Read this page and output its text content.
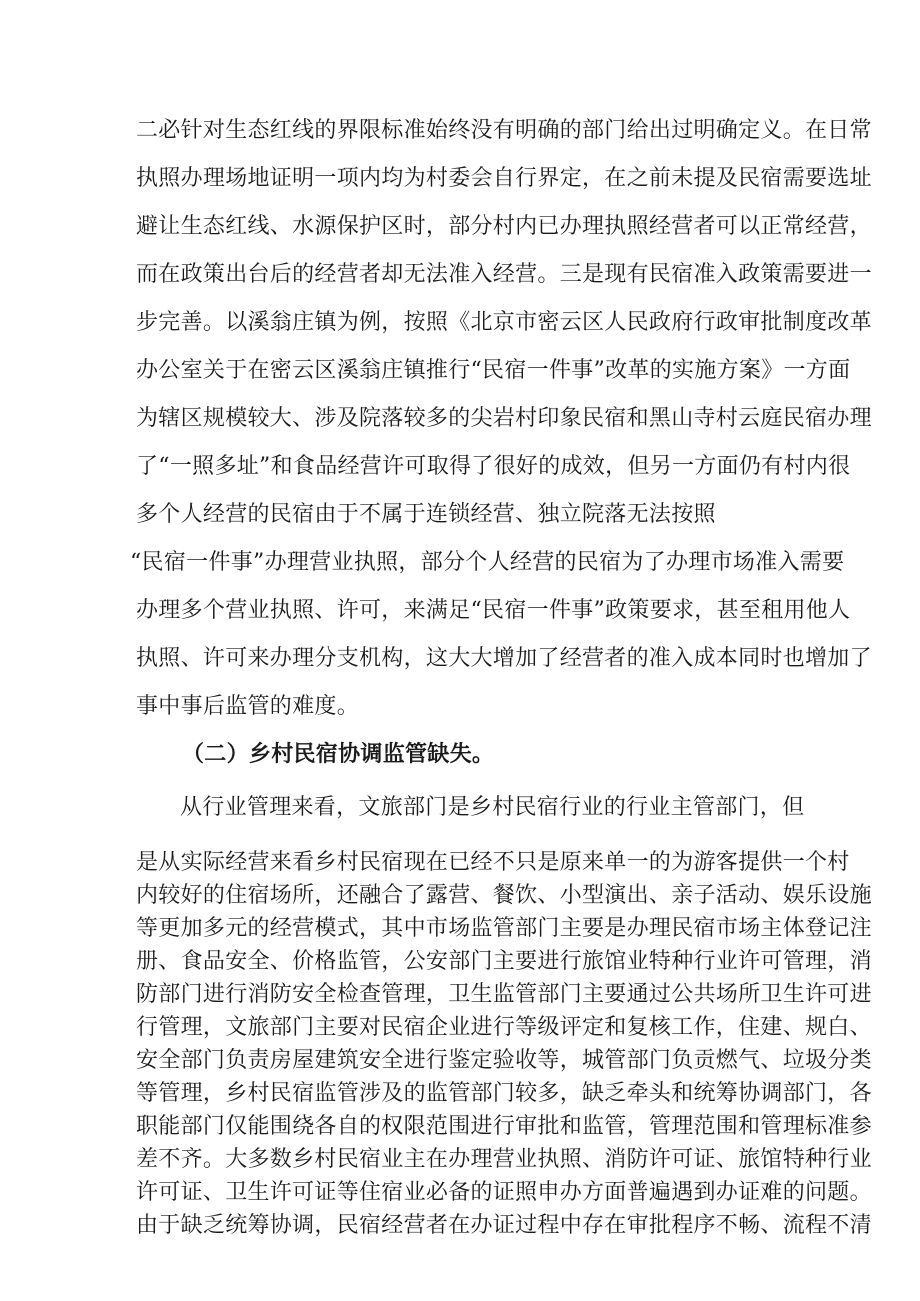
二必针对生态红线的界限标准始终没有明确的部门给出过明确定义。在日常
执照办理场地证明一项内均为村委会自行界定，在之前未提及民宿需要选址
避让生态红线、水源保护区时，部分村内已办理执照经营者可以正常经营，
而在政策出台后的经营者却无法准入经营。三是现有民宿准入政策需要进一
步完善。以溪翁庄镇为例，按照《北京市密云区人民政府行政审批制度改革
办公室关于在密云区溪翁庄镇推行“民宿一件事”改革的实施方案》一方面
为辖区规模较大、涉及院落较多的尖岩村印象民宿和黑山寺村云庭民宿办理
了“一照多址”和食品经营许可取得了很好的成效，但另一方面仍有村内很
多个人经营的民宿由于不属于连锁经营、独立院落无法按照
“民宿一件事”办理营业执照，部分个人经营的民宿为了办理市场准入需要
办理多个营业执照、许可，来满足“民宿一件事”政策要求，甚至租用他人
执照、许可来办理分支机构，这大大增加了经营者的准入成本同时也增加了
事中事后监管的难度。
（二）乡村民宿协调监管缺失。
从行业管理来看，文旅部门是乡村民宿行业的行业主管部门，但
是从实际经营来看乡村民宿现在已经不只是原来单一的为游客提供一个村
内较好的住宿场所，还融合了露营、餐饮、小型演出、亲子活动、娱乐设施
等更加多元的经营模式，其中市场监管部门主要是办理民宿市场主体登记注
册、食品安全、价格监管，公安部门主要进行旅馆业特种行业许可管理，消
防部门进行消防安全检查管理，卫生监管部门主要通过公共场所卫生许可进
行管理，文旅部门主要对民宿企业进行等级评定和复核工作，住建、规白、
安全部门负责房屋建筑安全进行鉴定验收等，城管部门负贡燃气、垃圾分类
等管理，乡村民宿监管涉及的监管部门较多，缺乏牵头和统筹协调部门，各
职能部门仅能围绕各自的权限范围进行审批和监管，管理范围和管理标准参
差不齐。大多数乡村民宿业主在办理营业执照、消防许可证、旅馆特种行业
许可证、卫生许可证等住宿业必备的证照申办方面普遍遇到办证难的问题。
由于缺乏统筹协调，民宿经营者在办证过程中存在审批程序不畅、流程不清
